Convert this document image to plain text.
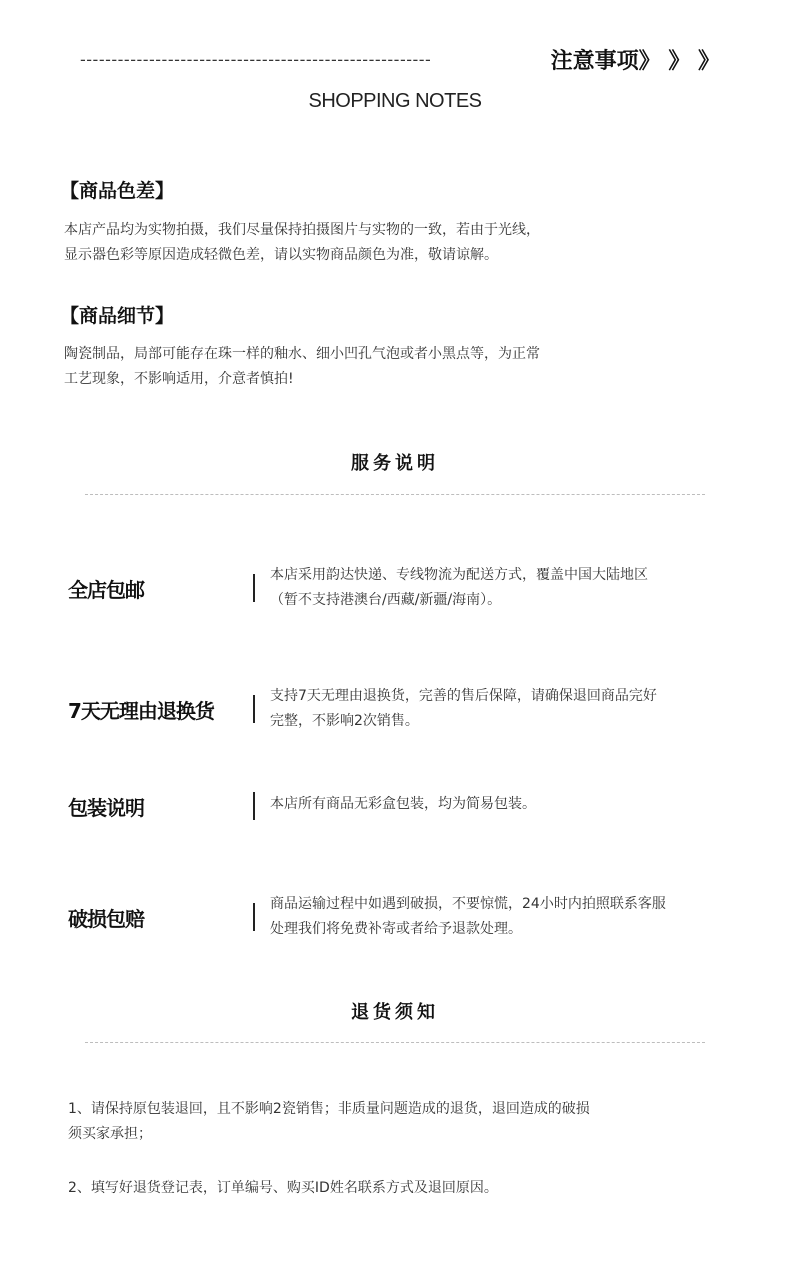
--------------------------------------------------------	注意事项》 》 》
SHOPPING NOTES
【商品色差】
本店产品均为实物拍摄，我们尽量保持拍摄图片与实物的一致，若由于光线，
显示器色彩等原因造成轻微色差，请以实物商品颜色为准，敬请谅解。
【商品细节】
陶瓷制品，局部可能存在珠一样的釉水、细小凹孔气泡或者小黑点等，为正常
工艺现象，不影响适用，介意者慎拍!
服务说明
全店包邮
本店采用韵达快递、专线物流为配送方式，覆盖中国大陆地区
（暂不支持港澳台/西藏/新疆/海南）。
7天无理由退换货
支持7天无理由退换货，完善的售后保障，请确保退回商品完好
完整，不影响2次销售。
包装说明	本店所有商品无彩盒包装，均为简易包装。
破损包赔
商品运输过程中如遇到破损，不要惊慌，24小时内拍照联系客服
处理我们将免费补寄或者给予退款处理。
退货须知
1、请保持原包装退回，且不影响2瓷销售；非质量问题造成的退货，退回造成的破损
须买家承担；
2、填写好退货登记表，订单编号、购买ID姓名联系方式及退回原因。
